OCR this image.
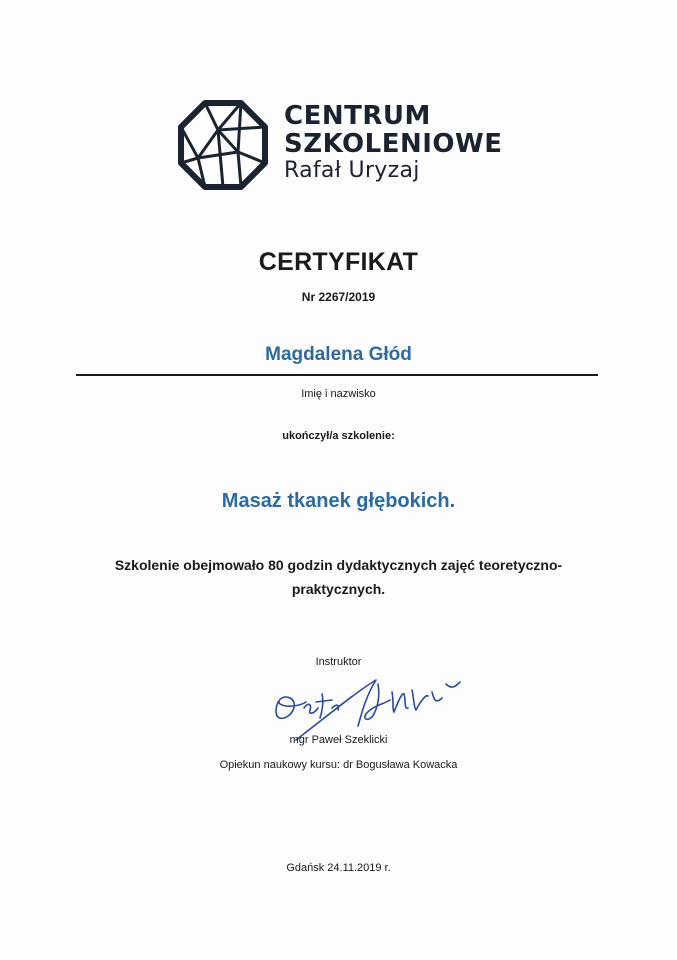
CENTRUM
SZKOLENIOWE
Rafał Uryzaj
CERTYFIKAT
Nr 2267/2019
Magdalena Głód
Imię i nazwisko
ukończył/a szkolenie:
Masaż tkanek głębokich.
Szkolenie obejmowało 80 godzin dydaktycznych zajęć teoretyczno-praktycznych.
Instruktor
mgr Paweł Szeklicki
Opiekun naukowy kursu: dr Bogusława Kowacka
Gdańsk 24.11.2019 r.
